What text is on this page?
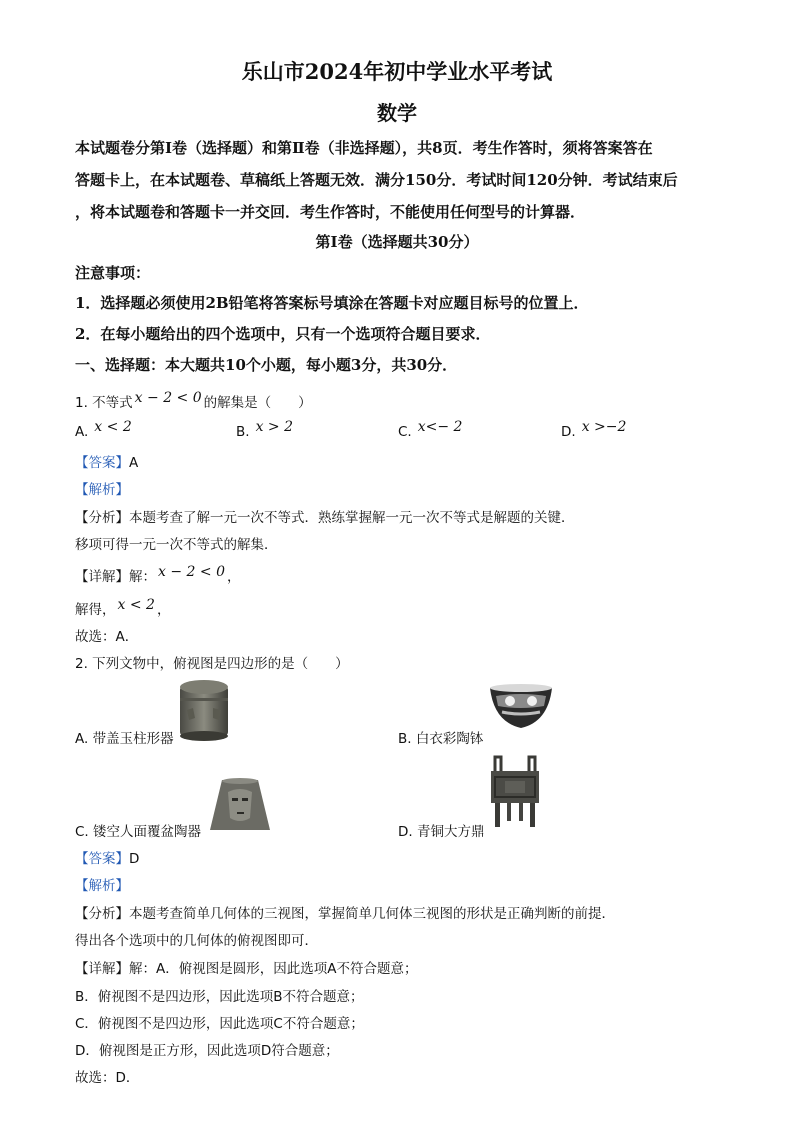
乐山市2024年初中学业水平考试
数学
本试题卷分第Ⅰ卷（选择题）和第Ⅱ卷（非选择题），共8页．考生作答时，须将答案答在
答题卡上，在本试题卷、草稿纸上答题无效．满分150分．考试时间120分钟．考试结束后
，将本试题卷和答题卡一并交回．考生作答时，不能使用任何型号的计算器．
第Ⅰ卷（选择题共30分）
注意事项：
1．选择题必须使用2B铅笔将答案标号填涂在答题卡对应题目标号的位置上．
2．在每小题给出的四个选项中，只有一个选项符合题目要求．
一、选择题：本大题共10个小题，每小题3分，共30分．
1. 不等式 x − 2 < 0 的解集是（　　）
A. x < 2	B. x > 2	C. x<− 2	D. x >−2
【答案】A
【解析】
【分析】本题考查了解一元一次不等式．熟练掌握解一元一次不等式是解题的关键．
移项可得一元一次不等式的解集．
【详解】解： x − 2 < 0 ，
解得， x < 2 ，
故选：A．
2. 下列文物中，俯视图是四边形的是（　　）
A. 带盖玉柱形器	B. 白衣彩陶钵
C. 镂空人面覆盆陶器	D. 青铜大方鼎
【答案】D
【解析】
【分析】本题考查简单几何体的三视图，掌握简单几何体三视图的形状是正确判断的前提．
得出各个选项中的几何体的俯视图即可．
【详解】解：A．俯视图是圆形，因此选项A不符合题意；
B．俯视图不是四边形，因此选项B不符合题意；
C．俯视图不是四边形，因此选项C不符合题意；
D．俯视图是正方形，因此选项D符合题意；
故选：D．
